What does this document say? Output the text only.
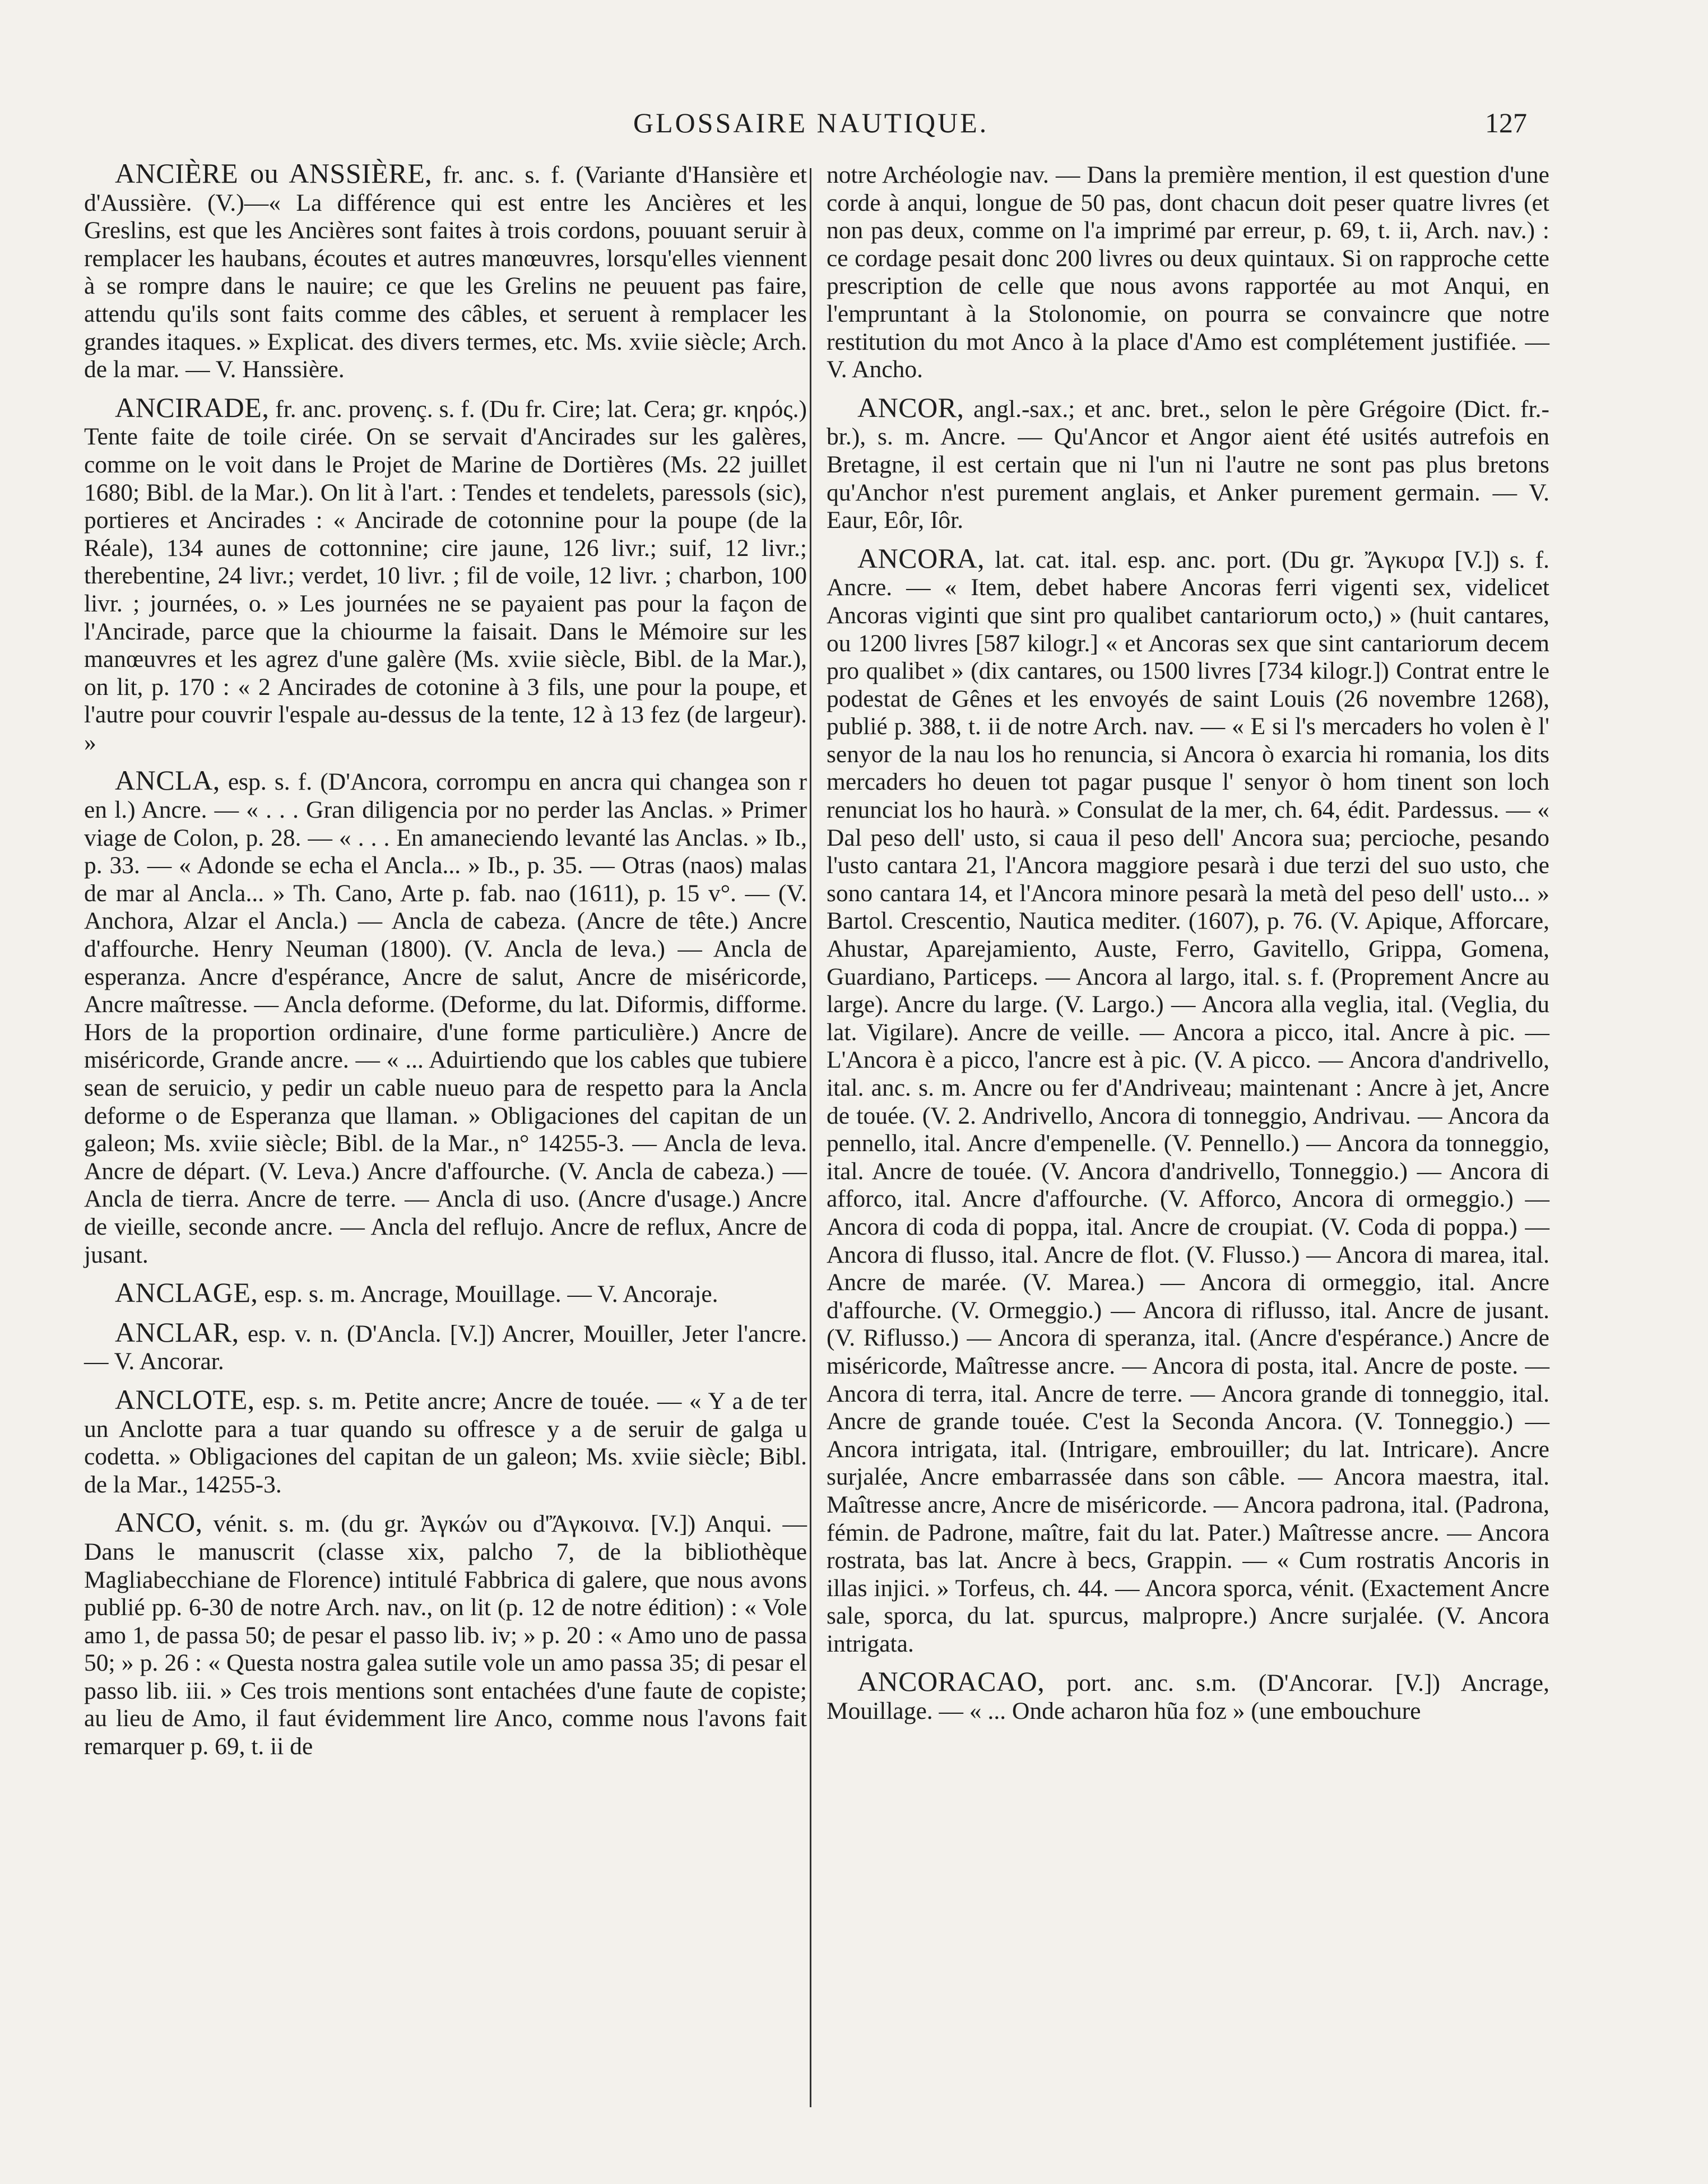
GLOSSAIRE NAUTIQUE.	127

ANCIÈRE ou ANSSIÈRE, fr. anc. s. f. (Variante d'Hansière et d'Aussière. (V.)—« La différence qui est entre les Ancières et les Greslins, est que les Ancières sont faites à trois cordons, pouuant seruir à remplacer les haubans, écoutes et autres manœuvres, lorsqu'elles viennent à se rompre dans le nauire; ce que les Grelins ne peuuent pas faire, attendu qu'ils sont faits comme des câbles, et seruent à remplacer les grandes itaques. » Explicat. des divers termes, etc. Ms. xviie siècle; Arch. de la mar. — V. Hanssière.

ANCIRADE, fr. anc. provenç. s. f. (Du fr. Cire; lat. Cera; gr. κηρός.) Tente faite de toile cirée. On se servait d'Ancirades sur les galères, comme on le voit dans le Projet de Marine de Dortières (Ms. 22 juillet 1680; Bibl. de la Mar.). On lit à l'art. : Tendes et tendelets, paressols (sic), portieres et Ancirades : « Ancirade de cotonnine pour la poupe (de la Réale), 134 aunes de cottonnine; cire jaune, 126 livr.; suif, 12 livr.; therebentine, 24 livr.; verdet, 10 livr. ; fil de voile, 12 livr. ; charbon, 100 livr. ; journées, o. » Les journées ne se payaient pas pour la façon de l'Ancirade, parce que la chiourme la faisait. Dans le Mémoire sur les manœuvres et les agrez d'une galère (Ms. xviie siècle, Bibl. de la Mar.), on lit, p. 170 : « 2 Ancirades de cotonine à 3 fils, une pour la poupe, et l'autre pour couvrir l'espale au-dessus de la tente, 12 à 13 fez (de largeur). »

ANCLA, esp. s. f. (D'Ancora, corrompu en ancra qui changea son r en l.) Ancre. — « . . . Gran diligencia por no perder las Anclas. » Primer viage de Colon, p. 28. — « . . . En amaneciendo levanté las Anclas. » Ib., p. 33. — « Adonde se echa el Ancla... » Ib., p. 35. — Otras (naos) malas de mar al Ancla... » Th. Cano, Arte p. fab. nao (1611), p. 15 v°. — (V. Anchora, Alzar el Ancla.) — Ancla de cabeza. (Ancre de tête.) Ancre d'affourche. Henry Neuman (1800). (V. Ancla de leva.) — Ancla de esperanza. Ancre d'espérance, Ancre de salut, Ancre de miséricorde, Ancre maîtresse. — Ancla deforme. (Deforme, du lat. Diformis, difforme. Hors de la proportion ordinaire, d'une forme particulière.) Ancre de miséricorde, Grande ancre. — « ... Aduirtiendo que los cables que tubiere sean de seruicio, y pedir un cable nueuo para de respetto para la Ancla deforme o de Esperanza que llaman. » Obligaciones del capitan de un galeon; Ms. xviie siècle; Bibl. de la Mar., n° 14255-3. — Ancla de leva. Ancre de départ. (V. Leva.) Ancre d'affourche. (V. Ancla de cabeza.) — Ancla de tierra. Ancre de terre. — Ancla di uso. (Ancre d'usage.) Ancre de vieille, seconde ancre. — Ancla del reflujo. Ancre de reflux, Ancre de jusant.

ANCLAGE, esp. s. m. Ancrage, Mouillage. — V. Ancoraje.

ANCLAR, esp. v. n. (D'Ancla. [V.]) Ancrer, Mouiller, Jeter l'ancre. — V. Ancorar.

ANCLOTE, esp. s. m. Petite ancre; Ancre de touée. — « Y a de ter un Anclotte para a tuar quando su offresce y a de seruir de galga u codetta. » Obligaciones del capitan de un galeon; Ms. xviie siècle; Bibl. de la Mar., 14255-3.

ANCO, vénit. s. m. (du gr. Ἀγκών ou d'Ἄγκοινα. [V.]) Anqui. — Dans le manuscrit (classe xix, palcho 7, de la bibliothèque Magliabecchiane de Florence) intitulé Fabbrica di galere, que nous avons publié pp. 6-30 de notre Arch. nav., on lit (p. 12 de notre édition) : « Vole amo 1, de passa 50; de pesar el passo lib. iv; » p. 20 : « Amo uno de passa 50; » p. 26 : « Questa nostra galea sutile vole un amo passa 35; di pesar el passo lib. iii. » Ces trois mentions sont entachées d'une faute de copiste; au lieu de Amo, il faut évidemment lire Anco, comme nous l'avons fait remarquer p. 69, t. ii de

notre Archéologie nav. — Dans la première mention, il est question d'une corde à anqui, longue de 50 pas, dont chacun doit peser quatre livres (et non pas deux, comme on l'a imprimé par erreur, p. 69, t. ii, Arch. nav.) : ce cordage pesait donc 200 livres ou deux quintaux. Si on rapproche cette prescription de celle que nous avons rapportée au mot Anqui, en l'empruntant à la Stolonomie, on pourra se convaincre que notre restitution du mot Anco à la place d'Amo est complétement justifiée. — V. Ancho.

ANCOR, angl.-sax.; et anc. bret., selon le père Grégoire (Dict. fr.-br.), s. m. Ancre. — Qu'Ancor et Angor aient été usités autrefois en Bretagne, il est certain que ni l'un ni l'autre ne sont pas plus bretons qu'Anchor n'est purement anglais, et Anker purement germain. — V. Eaur, Eôr, Iôr.

ANCORA, lat. cat. ital. esp. anc. port. (Du gr. Ἄγκυρα [V.]) s. f. Ancre. — « Item, debet habere Ancoras ferri vigenti sex, videlicet Ancoras viginti que sint pro qualibet cantariorum octo,) » (huit cantares, ou 1200 livres [587 kilogr.] « et Ancoras sex que sint cantariorum decem pro qualibet » (dix cantares, ou 1500 livres [734 kilogr.]) Contrat entre le podestat de Gênes et les envoyés de saint Louis (26 novembre 1268), publié p. 388, t. ii de notre Arch. nav. — « E si l's mercaders ho volen è l' senyor de la nau los ho renuncia, si Ancora ò exarcia hi romania, los dits mercaders ho deuen tot pagar pusque l' senyor ò hom tinent son loch renunciat los ho haurà. » Consulat de la mer, ch. 64, édit. Pardessus. — « Dal peso dell' usto, si caua il peso dell' Ancora sua; percioche, pesando l'usto cantara 21, l'Ancora maggiore pesarà i due terzi del suo usto, che sono cantara 14, et l'Ancora minore pesarà la metà del peso dell' usto... » Bartol. Crescentio, Nautica mediter. (1607), p. 76. (V. Apique, Afforcare, Ahustar, Aparejamiento, Auste, Ferro, Gavitello, Grippa, Gomena, Guardiano, Particeps. — Ancora al largo, ital. s. f. (Proprement Ancre au large). Ancre du large. (V. Largo.) — Ancora alla veglia, ital. (Veglia, du lat. Vigilare). Ancre de veille. — Ancora a picco, ital. Ancre à pic. — L'Ancora è a picco, l'ancre est à pic. (V. A picco. — Ancora d'andrivello, ital. anc. s. m. Ancre ou fer d'Andriveau; maintenant : Ancre à jet, Ancre de touée. (V. 2. Andrivello, Ancora di tonneggio, Andrivau. — Ancora da pennello, ital. Ancre d'empenelle. (V. Pennello.) — Ancora da tonneggio, ital. Ancre de touée. (V. Ancora d'andrivello, Tonneggio.) — Ancora di afforco, ital. Ancre d'affourche. (V. Afforco, Ancora di ormeggio.) — Ancora di coda di poppa, ital. Ancre de croupiat. (V. Coda di poppa.) — Ancora di flusso, ital. Ancre de flot. (V. Flusso.) — Ancora di marea, ital. Ancre de marée. (V. Marea.) — Ancora di ormeggio, ital. Ancre d'affourche. (V. Ormeggio.) — Ancora di riflusso, ital. Ancre de jusant. (V. Riflusso.) — Ancora di speranza, ital. (Ancre d'espérance.) Ancre de miséricorde, Maîtresse ancre. — Ancora di posta, ital. Ancre de poste. — Ancora di terra, ital. Ancre de terre. — Ancora grande di tonneggio, ital. Ancre de grande touée. C'est la Seconda Ancora. (V. Tonneggio.) — Ancora intrigata, ital. (Intrigare, embrouiller; du lat. Intricare). Ancre surjalée, Ancre embarrassée dans son câble. — Ancora maestra, ital. Maîtresse ancre, Ancre de miséricorde. — Ancora padrona, ital. (Padrona, fémin. de Padrone, maître, fait du lat. Pater.) Maîtresse ancre. — Ancora rostrata, bas lat. Ancre à becs, Grappin. — « Cum rostratis Ancoris in illas injici. » Torfeus, ch. 44. — Ancora sporca, vénit. (Exactement Ancre sale, sporca, du lat. spurcus, malpropre.) Ancre surjalée. (V. Ancora intrigata.

ANCORACAO, port. anc. s.m. (D'Ancorar. [V.]) Ancrage, Mouillage. — « ... Onde acharon hũa foz » (une embouchure
